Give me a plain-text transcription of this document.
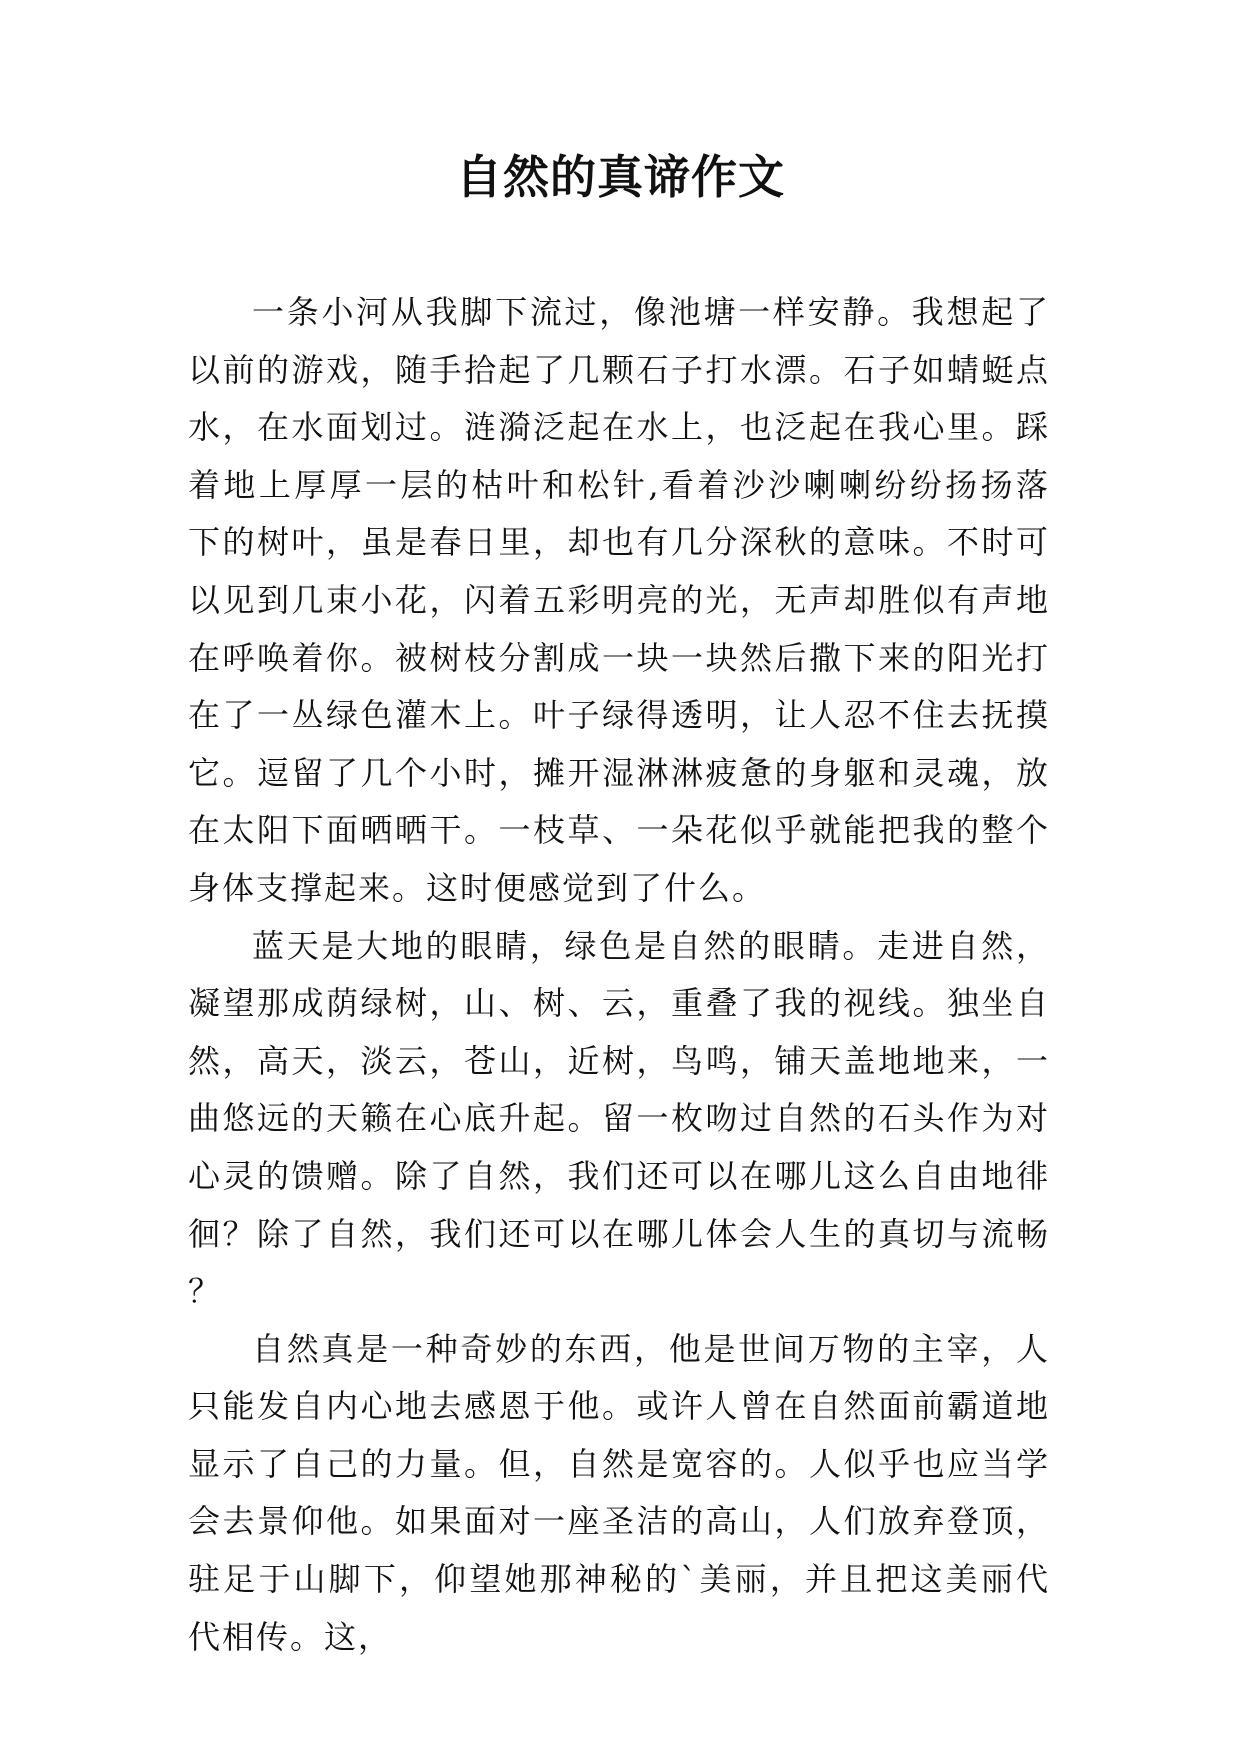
自然的真谛作文

一条小河从我脚下流过，像池塘一样安静。我想起了以前的游戏，随手拾起了几颗石子打水漂。石子如蜻蜓点水，在水面划过。涟漪泛起在水上，也泛起在我心里。踩着地上厚厚一层的枯叶和松针,看着沙沙喇喇纷纷扬扬落下的树叶，虽是春日里，却也有几分深秋的意味。不时可以见到几束小花，闪着五彩明亮的光，无声却胜似有声地在呼唤着你。被树枝分割成一块一块然后撒下来的阳光打在了一丛绿色灌木上。叶子绿得透明，让人忍不住去抚摸它。逗留了几个小时，摊开湿淋淋疲惫的身躯和灵魂，放在太阳下面晒晒干。一枝草、一朵花似乎就能把我的整个身体支撑起来。这时便感觉到了什么。

蓝天是大地的眼睛，绿色是自然的眼睛。走进自然，凝望那成荫绿树，山、树、云，重叠了我的视线。独坐自然，高天，淡云，苍山，近树，鸟鸣，铺天盖地地来，一曲悠远的天籁在心底升起。留一枚吻过自然的石头作为对心灵的馈赠。除了自然，我们还可以在哪儿这么自由地徘徊？除了自然，我们还可以在哪儿体会人生的真切与流畅？

自然真是一种奇妙的东西，他是世间万物的主宰，人只能发自内心地去感恩于他。或许人曾在自然面前霸道地显示了自己的力量。但，自然是宽容的。人似乎也应当学会去景仰他。如果面对一座圣洁的高山，人们放弃登顶，驻足于山脚下，仰望她那神秘的`美丽，并且把这美丽代代相传。这，
